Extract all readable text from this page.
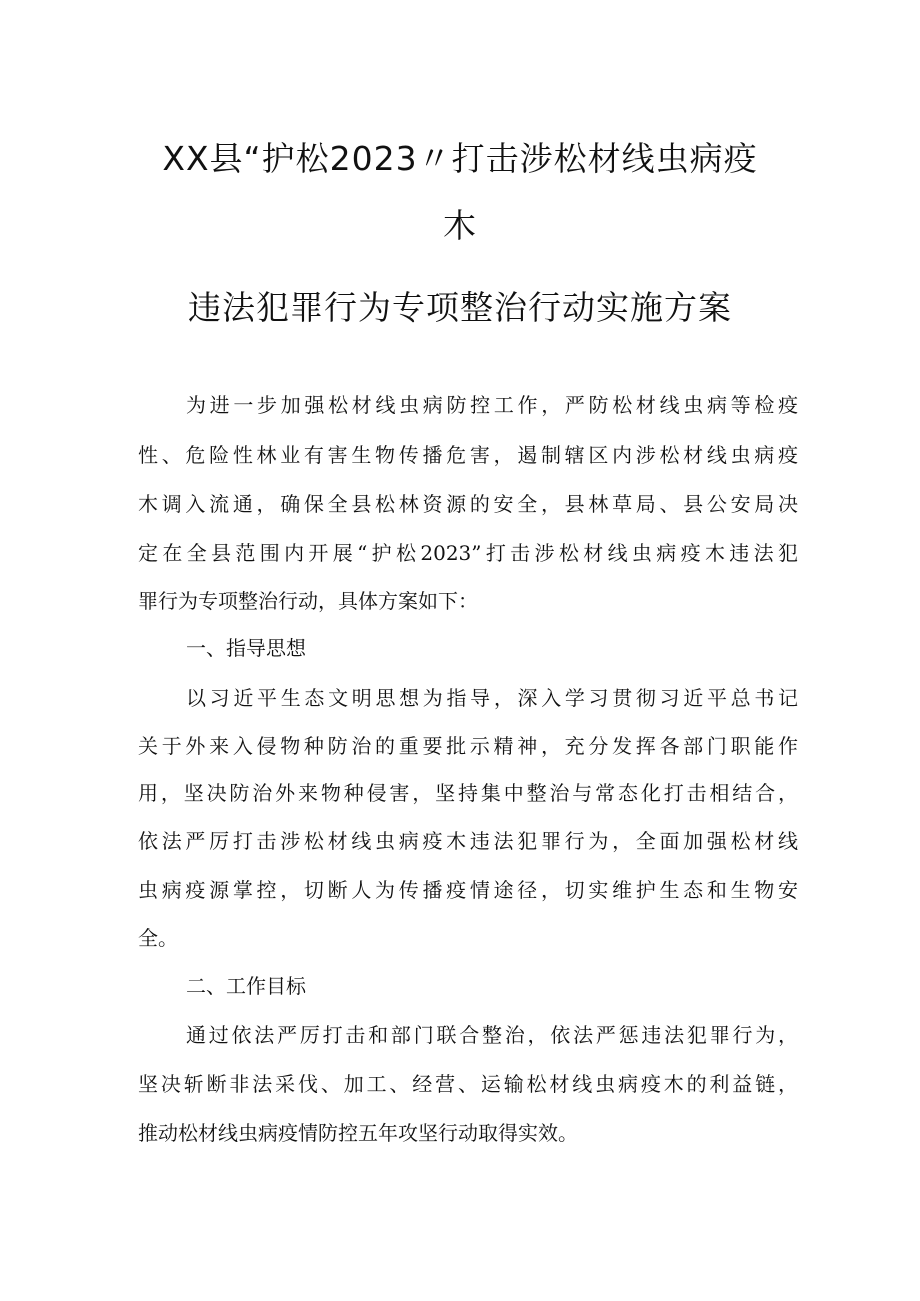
XX县“护松2023〃打击涉松材线虫病疫
木
违法犯罪行为专项整治行动实施方案
为进一步加强松材线虫病防控工作，严防松材线虫病等检疫
性、危险性林业有害生物传播危害，遏制辖区内涉松材线虫病疫
木调入流通，确保全县松林资源的安全，县林草局、县公安局决
定在全县范围内开展“护松2023”打击涉松材线虫病疫木违法犯
罪行为专项整治行动，具体方案如下：
一、指导思想
以习近平生态文明思想为指导，深入学习贯彻习近平总书记
关于外来入侵物种防治的重要批示精神，充分发挥各部门职能作
用，坚决防治外来物种侵害，坚持集中整治与常态化打击相结合，
依法严厉打击涉松材线虫病疫木违法犯罪行为，全面加强松材线
虫病疫源掌控，切断人为传播疫情途径，切实维护生态和生物安
全。
二、工作目标
通过依法严厉打击和部门联合整治，依法严惩违法犯罪行为，
坚决斩断非法采伐、加工、经营、运输松材线虫病疫木的利益链，
推动松材线虫病疫情防控五年攻坚行动取得实效。
